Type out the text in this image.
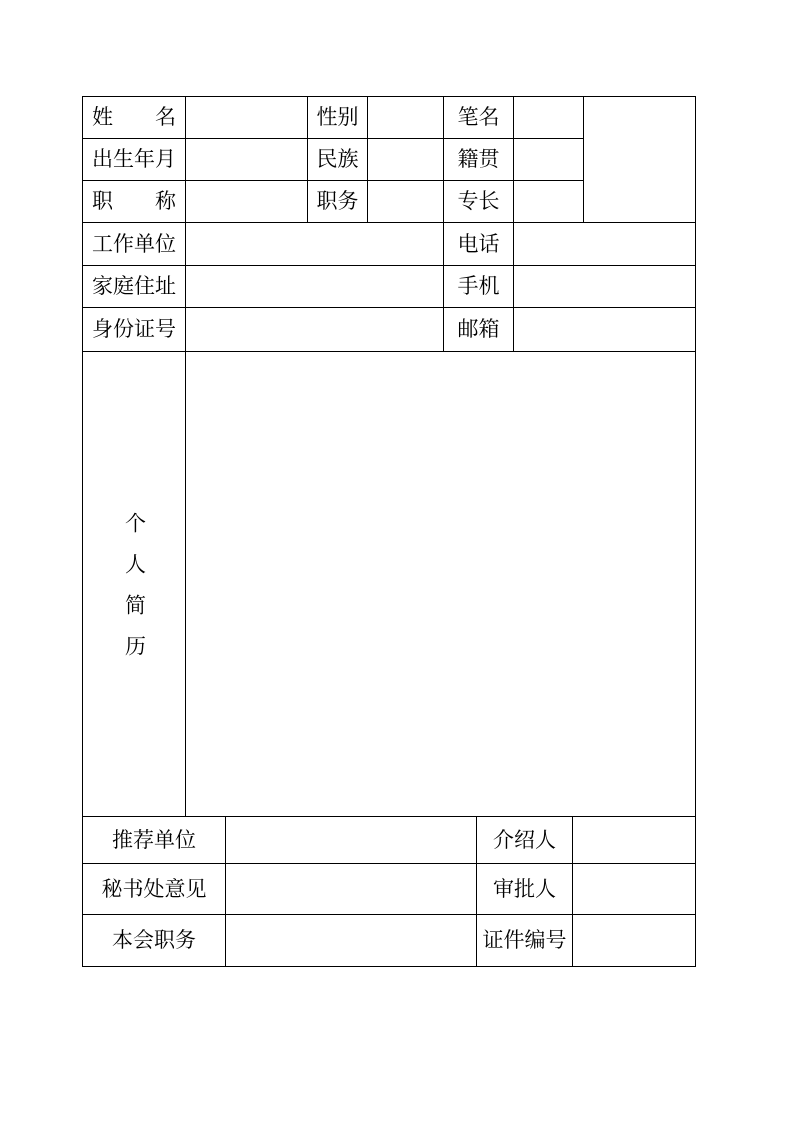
姓名	性别	笔名
出生年月	民族	籍贯
职称	职务	专长
工作单位	电话
家庭住址	手机
身份证号	邮箱
个人简历
推荐单位	介绍人
秘书处意见	审批人
本会职务	证件编号
